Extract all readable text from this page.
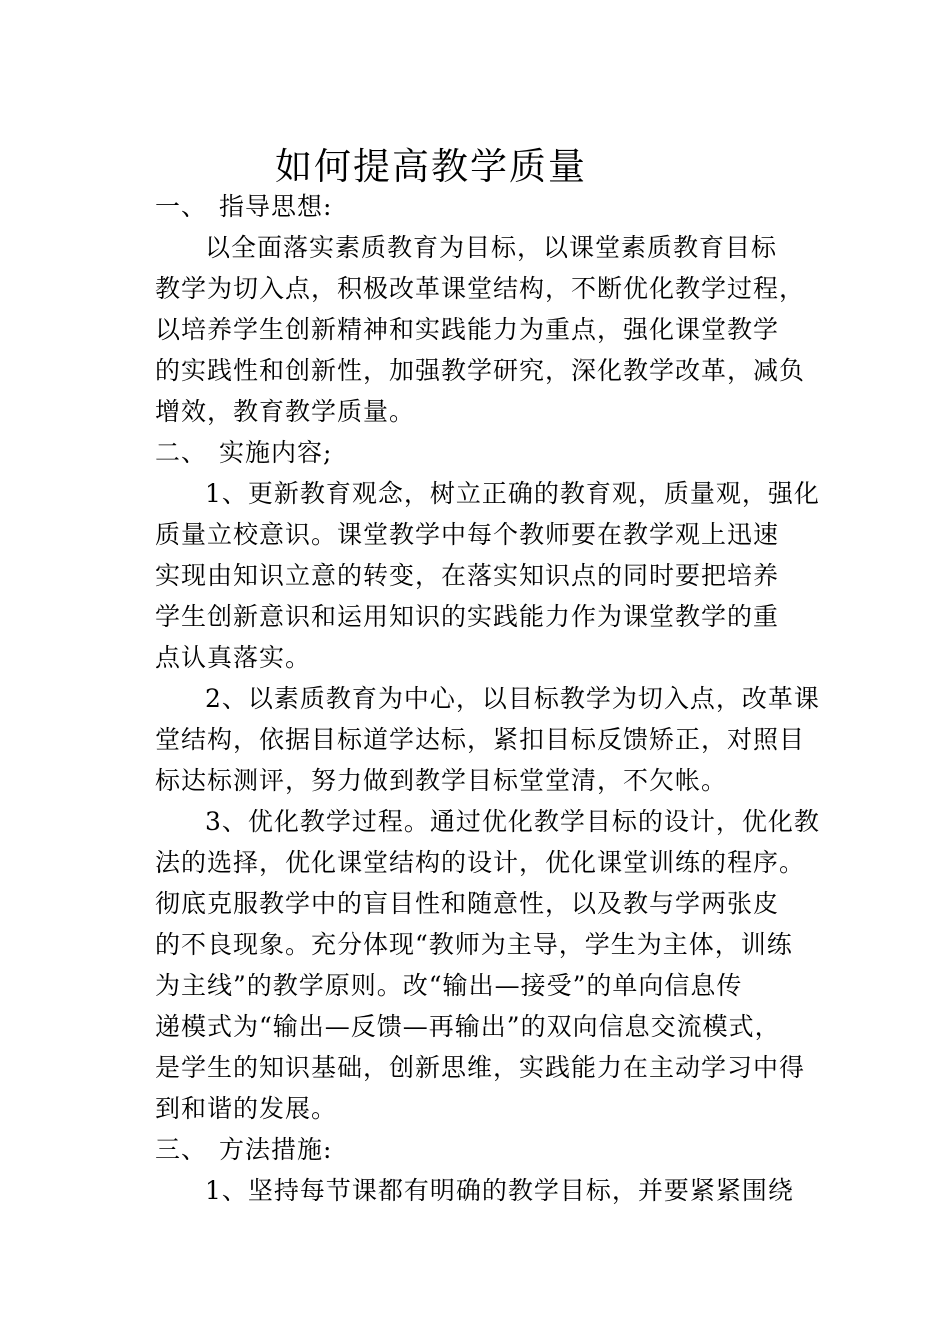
如何提高教学质量
一、 指导思想:
以全面落实素质教育为目标，以课堂素质教育目标
教学为切入点，积极改革课堂结构，不断优化教学过程，
以培养学生创新精神和实践能力为重点，强化课堂教学
的实践性和创新性，加强教学研究，深化教学改革，减负
增效，教育教学质量。
二、 实施内容;
1、更新教育观念，树立正确的教育观，质量观，强化
质量立校意识。课堂教学中每个教师要在教学观上迅速
实现由知识立意的转变，在落实知识点的同时要把培养
学生创新意识和运用知识的实践能力作为课堂教学的重
点认真落实。
2、以素质教育为中心，以目标教学为切入点，改革课
堂结构，依据目标道学达标，紧扣目标反馈矫正，对照目
标达标测评，努力做到教学目标堂堂清，不欠帐。
3、优化教学过程。通过优化教学目标的设计，优化教
法的选择，优化课堂结构的设计，优化课堂训练的程序。
彻底克服教学中的盲目性和随意性，以及教与学两张皮
的不良现象。充分体现“教师为主导，学生为主体，训练
为主线”的教学原则。改“输出—接受”的单向信息传
递模式为“输出—反馈—再输出”的双向信息交流模式，
是学生的知识基础，创新思维，实践能力在主动学习中得
到和谐的发展。
三、 方法措施:
1、坚持每节课都有明确的教学目标，并要紧紧围绕
